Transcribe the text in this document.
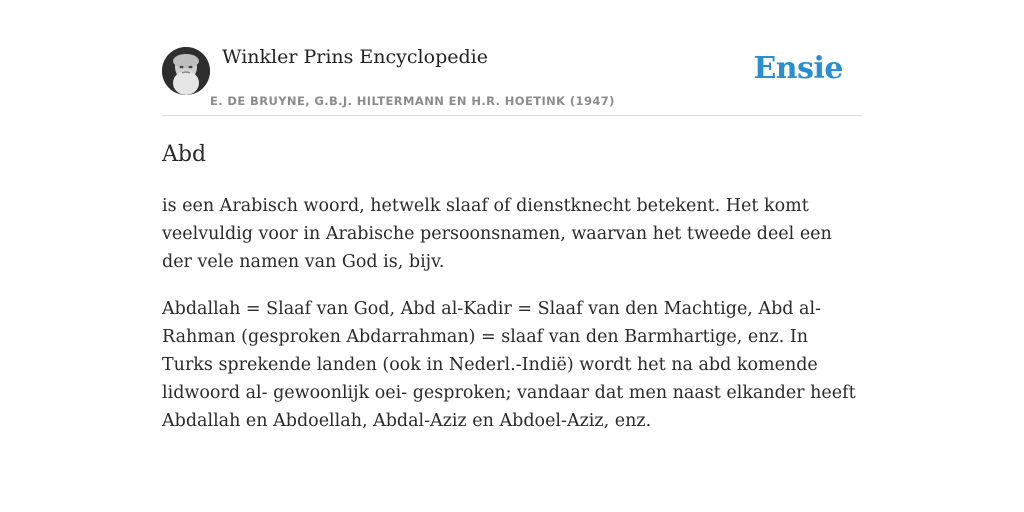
Winkler Prins Encyclopedie
E. DE BRUYNE, G.B.J. HILTERMANN EN H.R. HOETINK (1947)
Ensie
Abd

is een Arabisch woord, hetwelk slaaf of dienstknecht betekent. Het komt veelvuldig voor in Arabische persoonsnamen, waarvan het tweede deel een der vele namen van God is, bijv.

Abdallah = Slaaf van God, Abd al-Kadir = Slaaf van den Machtige, Abd al-Rahman (gesproken Abdarrahman) = slaaf van den Barmhartige, enz. In Turks sprekende landen (ook in Nederl.-Indië) wordt het na abd komende lidwoord al- gewoonlijk oei- gesproken; vandaar dat men naast elkander heeft Abdallah en Abdoellah, Abdal-Aziz en Abdoel-Aziz, enz.
